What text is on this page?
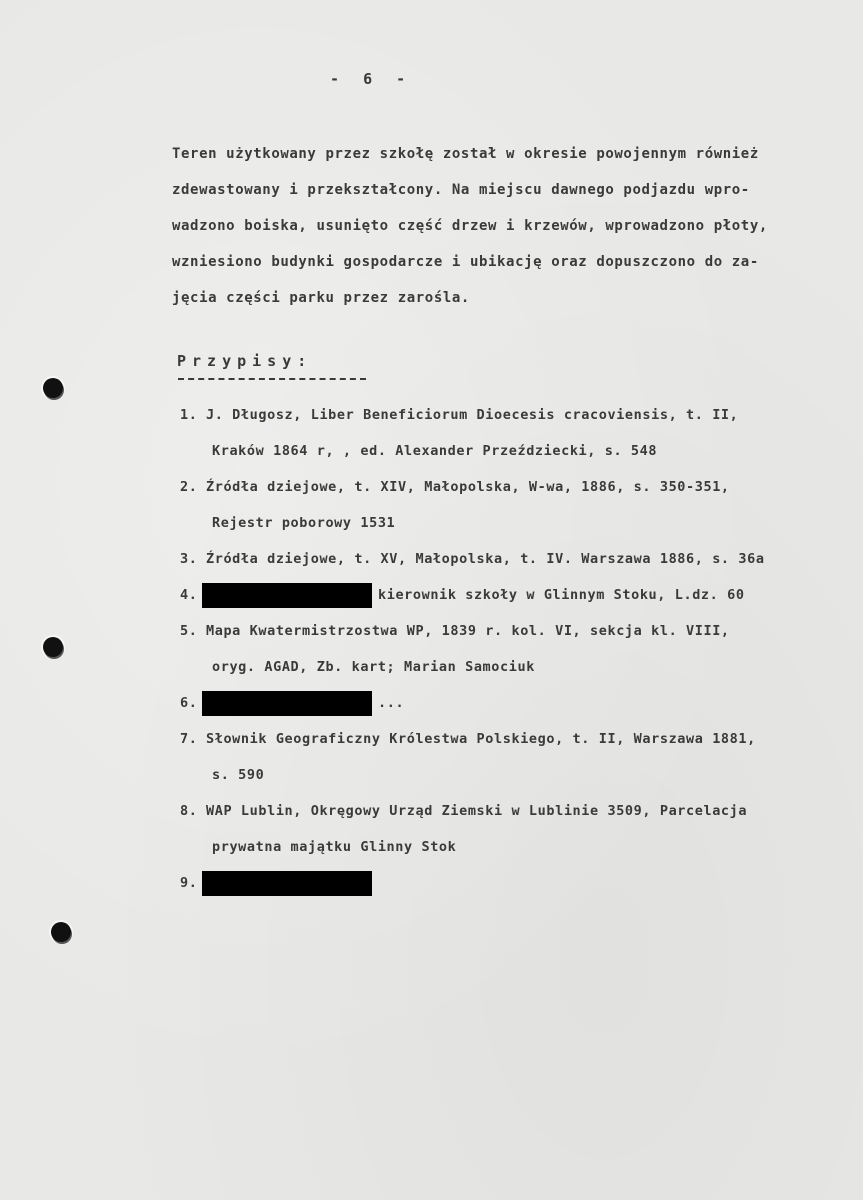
-  6  -
Teren użytkowany przez szkołę został w okresie powojennym również
zdewastowany i przekształcony. Na miejscu dawnego podjazdu wpro-
wadzono boiska, usunięto część drzew i krzewów, wprowadzono płoty,
wzniesiono budynki gospodarcze i ubikację oraz dopuszczono do za-
jęcia części parku przez zarośla.
Przypisy:
1. J. Długosz, Liber Beneficiorum Dioecesis cracoviensis, t. II,
Kraków 1864 r, , ed. Alexander Przeździecki, s. 548
2. Źródła dziejowe, t. XIV, Małopolska, W-wa, 1886, s. 350-351,
Rejestr poborowy 1531
3. Źródła dziejowe, t. XV, Małopolska, t. IV. Warszawa 1886, s. 36a
4.	kierownik szkoły w Glinnym Stoku, L.dz. 60
5. Mapa Kwatermistrzostwa WP, 1839 r. kol. VI, sekcja kl. VIII,
oryg. AGAD, Zb. kart; Marian Samociuk
6.	...
7. Słownik Geograficzny Królestwa Polskiego, t. II, Warszawa 1881,
s. 590
8. WAP Lublin, Okręgowy Urząd Ziemski w Lublinie 3509, Parcelacja
prywatna majątku Glinny Stok
9.
